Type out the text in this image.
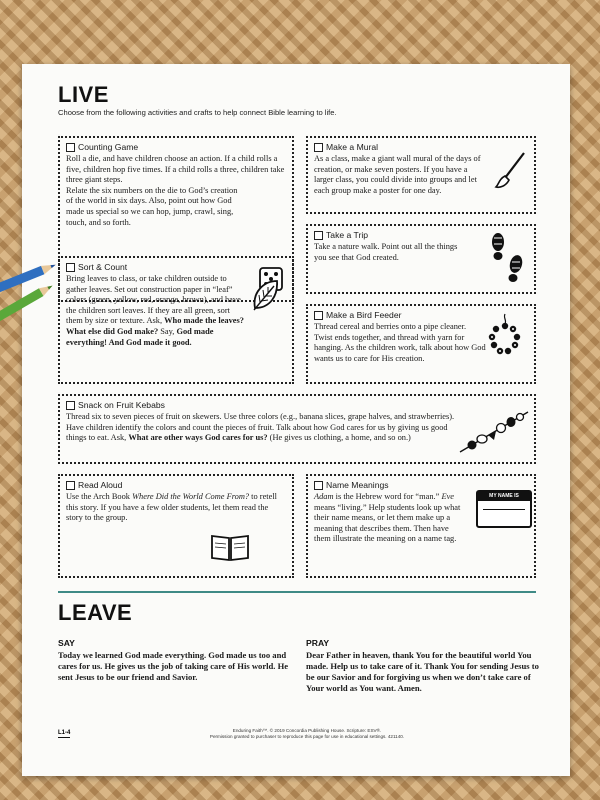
LIVE
Choose from the following activities and crafts to help connect Bible learning to life.
Counting Game

Roll a die, and have children choose an action. If a child rolls a five, children hop five times. If a child rolls a three, children take three giant steps.

Relate the six numbers on the die to God’s creation of the world in six days. Also, point out how God made us special so we can hop, jump, crawl, sing, touch, and so forth.

Make a Mural

As a class, make a giant wall mural of the days of creation, or make seven posters. If you have a larger class, you could divide into groups and let each group make a poster for one day.

Take a Trip

Take a nature walk. Point out all the things you see that God created.

Sort & Count

Bring leaves to class, or take children outside to gather leaves. Set out construction paper in “leaf” colors (green, yellow, red, orange, brown), and have the children sort leaves. If they are all green, sort them by size or texture. Ask, Who made the leaves? What else did God make? Say, God made everything! And God made it good.

Make a Bird Feeder

Thread cereal and berries onto a pipe cleaner. Twist ends together, and thread with yarn for hanging. As the children work, talk about how God wants us to care for His creation.

Snack on Fruit Kebabs

Thread six to seven pieces of fruit on skewers. Use three colors (e.g., banana slices, grape halves, and strawberries). Have children identify the colors and count the pieces of fruit. Talk about how God cares for us by giving us good things to eat. Ask, What are other ways God cares for us? (He gives us clothing, a home, and so on.)

Read Aloud

Use the Arch Book Where Did the World Come From? to retell this story. If you have a few older students, let them read the story to the group.

Name Meanings

Adam is the Hebrew word for “man.” Eve means “living.” Help students look up what their name means, or let them make up a meaning that describes them. Then have them illustrate the meaning on a name tag.

MY NAME IS
LEAVE
SAY
Today we learned God made everything. God made us too and cares for us. He gives us the job of taking care of His world. He sent Jesus to be our friend and Savior.
PRAY
Dear Father in heaven, thank You for the beautiful world You made. Help us to take care of it. Thank You for sending Jesus to be our Savior and for forgiving us when we don’t take care of Your world as You want. Amen.
L1-4	Enduring Faith™. © 2019 Concordia Publishing House. Scripture: ESV®.
Permission granted to purchaser to reproduce this page for use in educational settings. 421140.
